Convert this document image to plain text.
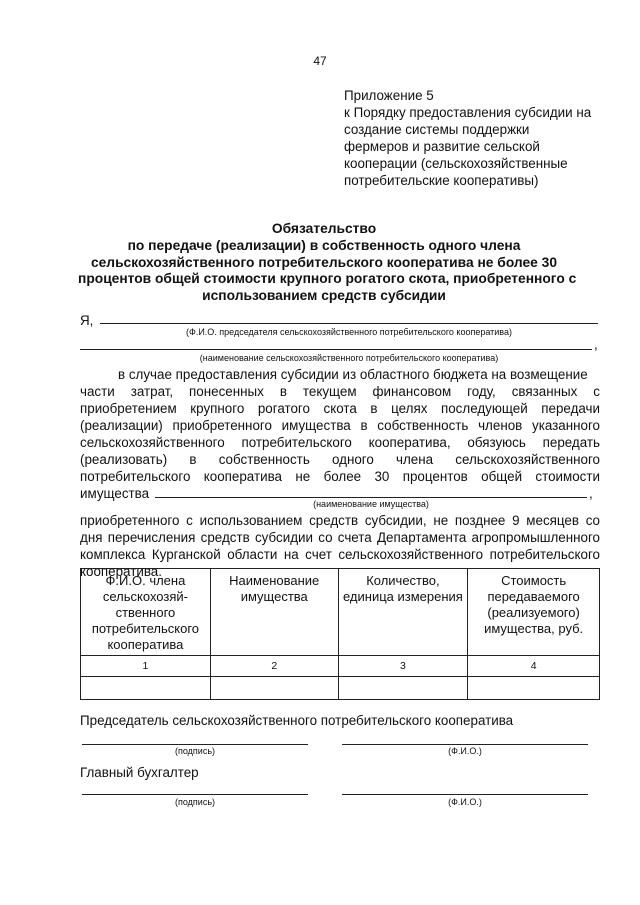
47
Приложение 5
к Порядку предоставления субсидии на
создание системы поддержки
фермеров и развитие сельской
кооперации (сельскохозяйственные
потребительские кооперативы)
Обязательство
по передаче (реализации) в собственность одного члена
сельскохозяйственного потребительского кооператива не более 30
процентов общей стоимости крупного рогатого скота, приобретенного с
использованием средств субсидии
Я,
(Ф.И.О. председателя сельскохозяйственного потребительского кооператива)
,
(наименование сельскохозяйственного потребительского кооператива)
в случае предоставления субсидии из областного бюджета на возмещение
части затрат, понесенных в текущем финансовом году, связанных с
приобретением крупного рогатого скота в целях последующей передачи
(реализации) приобретенного имущества в собственность членов указанного
сельскохозяйственного потребительского кооператива, обязуюсь передать
(реализовать) в собственность одного члена сельскохозяйственного
потребительского кооператива не более 30 процентов общей стоимости
имущества	,
(наименование имущества)
приобретенного с использованием средств субсидии, не позднее 9 месяцев со
дня перечисления средств субсидии со счета Департамента агропромышленного
комплекса Курганской области на счет сельскохозяйственного потребительского
кооператива.
Ф.И.О. члена сельскохозяй-ственного потребительского кооператива	Наименование имущества	Количество, единица измерения	Стоимость передаваемого (реализуемого) имущества, руб.
1	2	3	4

Председатель сельскохозяйственного потребительского кооператива
(подпись)	(Ф.И.О.)
Главный бухгалтер
(подпись)	(Ф.И.О.)
